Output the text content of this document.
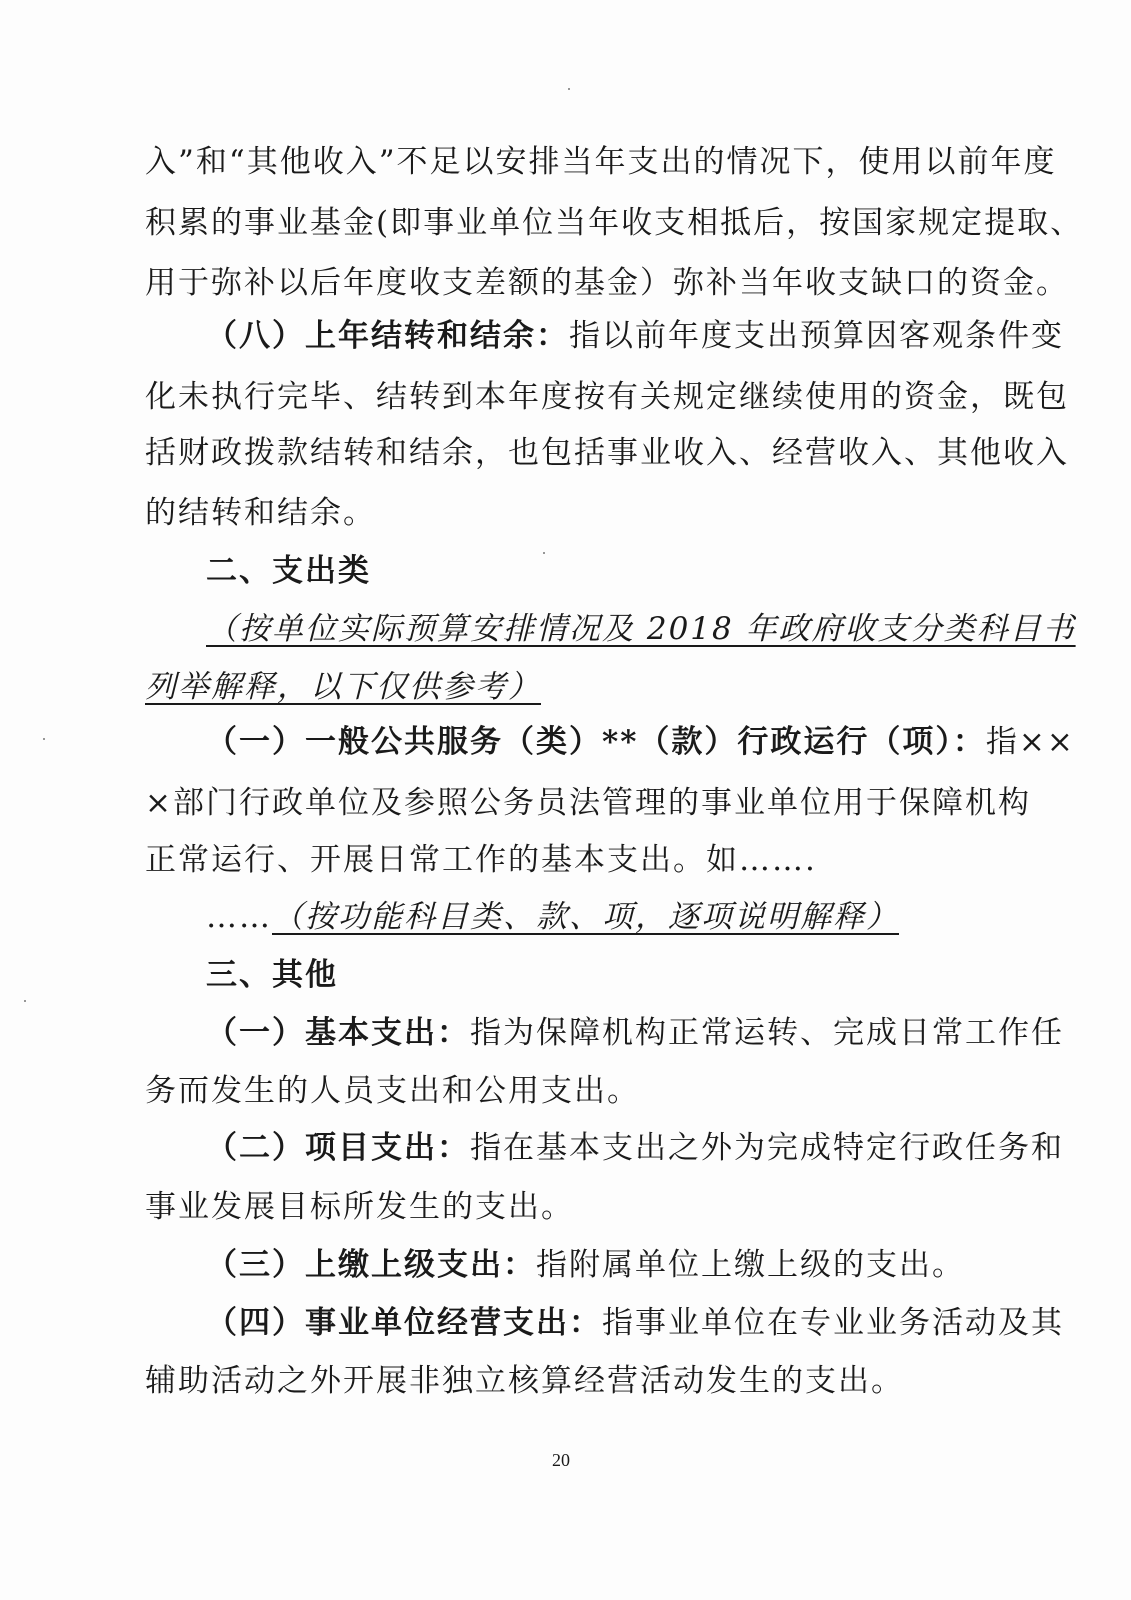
入”和“其他收入”不足以安排当年支出的情况下，使用以前年度
积累的事业基金(即事业单位当年收支相抵后，按国家规定提取、
用于弥补以后年度收支差额的基金）弥补当年收支缺口的资金。
（八）上年结转和结余：指以前年度支出预算因客观条件变
化未执行完毕、结转到本年度按有关规定继续使用的资金，既包
括财政拨款结转和结余，也包括事业收入、经营收入、其他收入
的结转和结余。
二、支出类
（按单位实际预算安排情况及 2018 年政府收支分类科目书
列举解释，以下仅供参考）
（一）一般公共服务（类）**（款）行政运行（项）：指××
×部门行政单位及参照公务员法管理的事业单位用于保障机构
正常运行、开展日常工作的基本支出。如…….
……（按功能科目类、款、项，逐项说明解释）
三、其他
（一）基本支出：指为保障机构正常运转、完成日常工作任
务而发生的人员支出和公用支出。
（二）项目支出：指在基本支出之外为完成特定行政任务和
事业发展目标所发生的支出。
（三）上缴上级支出：指附属单位上缴上级的支出。
（四）事业单位经营支出：指事业单位在专业业务活动及其
辅助活动之外开展非独立核算经营活动发生的支出。
20
